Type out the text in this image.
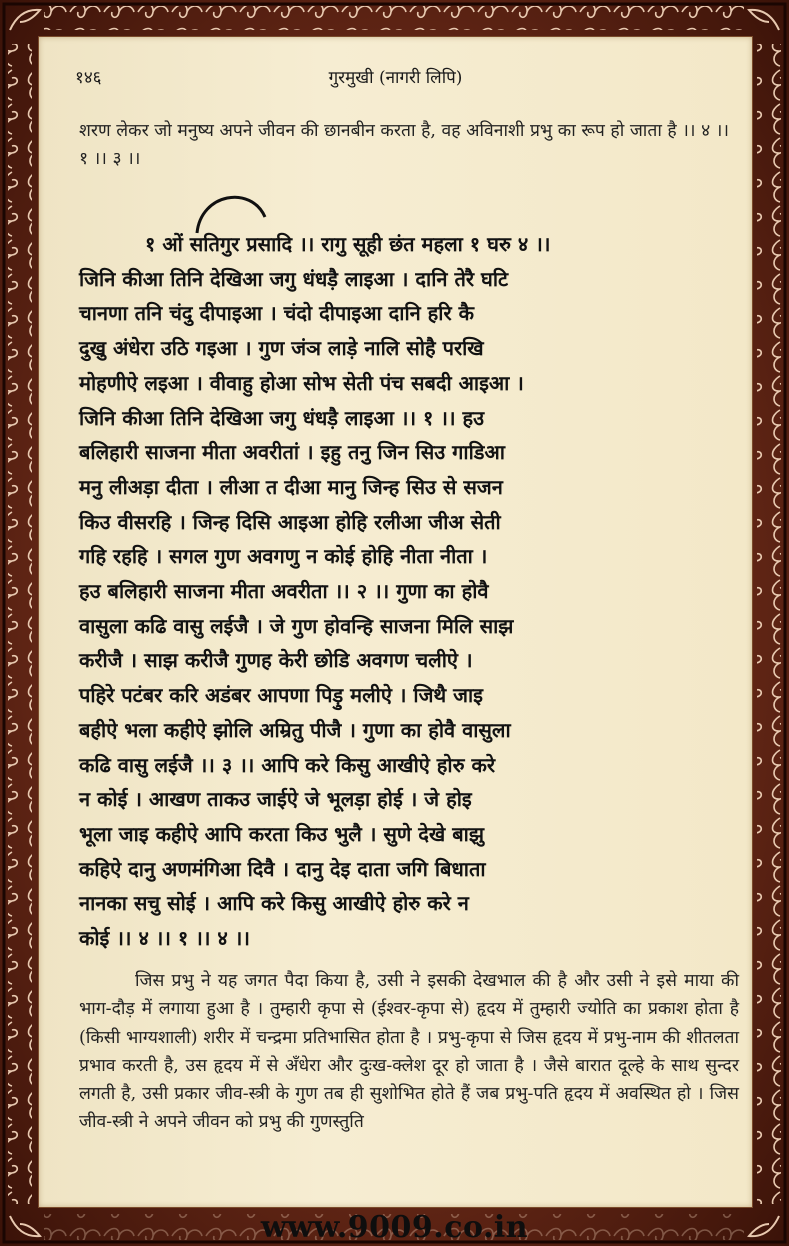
१४६	गुरमुखी (नागरी लिपि)
शरण लेकर जो मनुष्य अपने जीवन की छानबीन करता है, वह अविनाशी प्रभु का रूप हो जाता है ।। ४ ।। १ ।। ३ ।।
१ ओं सतिगुर प्रसादि ।। रागु सूही छंत महला १ घरु ४ ।।
जिनि कीआ तिनि देखिआ जगु धंधड़ै लाइआ । दानि तेरै घटि
चानणा तनि चंदु दीपाइआ । चंदो दीपाइआ दानि हरि कै
दुखु अंधेरा उठि गइआ । गुण जंञ लाड़े नालि सोहै परखि
मोहणीऐ लइआ । वीवाहु होआ सोभ सेती पंच सबदी आइआ ।
जिनि कीआ तिनि देखिआ जगु धंधड़ै लाइआ ।। १ ।। हउ
बलिहारी साजना मीता अवरीतां । इहु तनु जिन सिउ गाडिआ
मनु लीअड़ा दीता । लीआ त दीआ मानु जिन्ह सिउ से सजन
किउ वीसरहि । जिन्ह दिसि आइआ होहि रलीआ जीअ सेती
गहि रहहि । सगल गुण अवगणु न कोई होहि नीता नीता ।
हउ बलिहारी साजना मीता अवरीता ।। २ ।। गुणा का होवै
वासुला कढि वासु लईजै । जे गुण होवन्हि साजना मिलि साझ
करीजै । साझ करीजै गुणह केरी छोडि अवगण चलीऐ ।
पहिरे पटंबर करि अडंबर आपणा पिड़ु मलीऐ । जिथै जाइ
बहीऐ भला कहीऐ झोलि अम्रितु पीजै । गुणा का होवै वासुला
कढि वासु लईजै ।। ३ ।। आपि करे किसु आखीऐ होरु करे
न कोई । आखण ताकउ जाईऐ जे भूलड़ा होई । जे होइ
भूला जाइ कहीऐ आपि करता किउ भुलै । सुणे देखे बाझु
कहिऐ दानु अणमंगिआ दिवै । दानु देइ दाता जगि बिधाता
नानका सचु सोई । आपि करे किसु आखीऐ होरु करे न
कोई ।। ४ ।। १ ।। ४ ।।
जिस प्रभु ने यह जगत पैदा किया है, उसी ने इसकी देखभाल की है और उसी ने इसे माया की भाग-दौड़ में लगाया हुआ है । तुम्हारी कृपा से (ईश्वर-कृपा से) हृदय में तुम्हारी ज्योति का प्रकाश होता है (किसी भाग्यशाली) शरीर में चन्द्रमा प्रतिभासित होता है । प्रभु-कृपा से जिस हृदय में प्रभु-नाम की शीतलता प्रभाव करती है, उस हृदय में से अँधेरा और दुःख-क्लेश दूर हो जाता है । जैसे बारात दूल्हे के साथ सुन्दर लगती है, उसी प्रकार जीव-स्त्री के गुण तब ही सुशोभित होते हैं जब प्रभु-पति हृदय में अवस्थित हो । जिस जीव-स्त्री ने अपने जीवन को प्रभु की गुणस्तुति
www.9009.co.in
